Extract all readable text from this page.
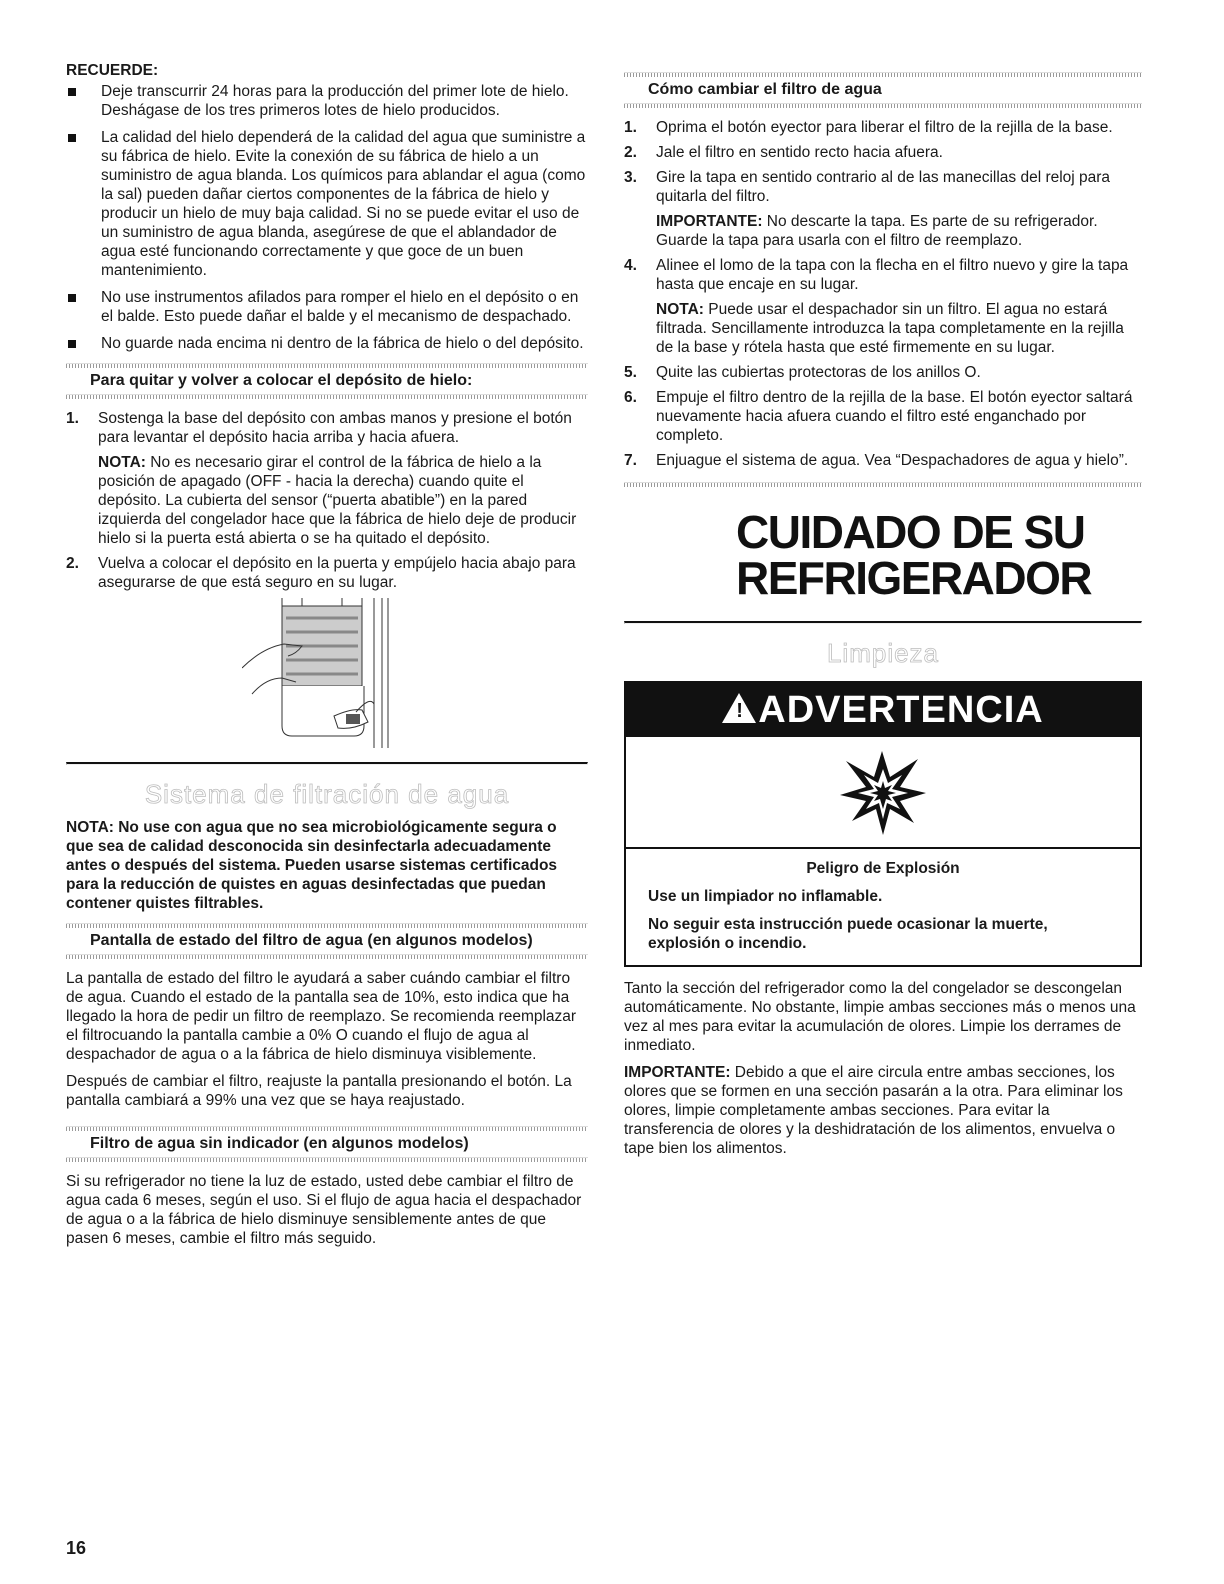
RECUERDE:
Deje transcurrir 24 horas para la producción del primer lote de hielo. Deshágase de los tres primeros lotes de hielo producidos.
La calidad del hielo dependerá de la calidad del agua que suministre a su fábrica de hielo. Evite la conexión de su fábrica de hielo a un suministro de agua blanda. Los químicos para ablandar el agua (como la sal) pueden dañar ciertos componentes de la fábrica de hielo y producir un hielo de muy baja calidad. Si no se puede evitar el uso de un suministro de agua blanda, asegúrese de que el ablandador de agua esté funcionando correctamente y que goce de un buen mantenimiento.
No use instrumentos afilados para romper el hielo en el depósito o en el balde. Esto puede dañar el balde y el mecanismo de despachado.
No guarde nada encima ni dentro de la fábrica de hielo o del depósito.
Para quitar y volver a colocar el depósito de hielo:
1. Sostenga la base del depósito con ambas manos y presione el botón para levantar el depósito hacia arriba y hacia afuera.
NOTA: No es necesario girar el control de la fábrica de hielo a la posición de apagado (OFF - hacia la derecha) cuando quite el depósito. La cubierta del sensor (“puerta abatible”) en la pared izquierda del congelador hace que la fábrica de hielo deje de producir hielo si la puerta está abierta o se ha quitado el depósito.
2. Vuelva a colocar el depósito en la puerta y empújelo hacia abajo para asegurarse de que está seguro en su lugar.
Sistema de filtración de agua

NOTA: No use con agua que no sea microbiológicamente segura o que sea de calidad desconocida sin desinfectarla adecuadamente antes o después del sistema. Pueden usarse sistemas certificados para la reducción de quistes en aguas desinfectadas que puedan contener quistes filtrables.

Pantalla de estado del filtro de agua (en algunos modelos)

La pantalla de estado del filtro le ayudará a saber cuándo cambiar el filtro de agua. Cuando el estado de la pantalla sea de 10%, esto indica que ha llegado la hora de pedir un filtro de reemplazo. Se recomienda reemplazar el filtrocuando la pantalla cambie a 0% O cuando el flujo de agua al despachador de agua o a la fábrica de hielo disminuya visiblemente.

Después de cambiar el filtro, reajuste la pantalla presionando el botón. La pantalla cambiará a 99% una vez que se haya reajustado.

Filtro de agua sin indicador (en algunos modelos)

Si su refrigerador no tiene la luz de estado, usted debe cambiar el filtro de agua cada 6 meses, según el uso. Si el flujo de agua hacia el despachador de agua o a la fábrica de hielo disminuye sensiblemente antes de que pasen 6 meses, cambie el filtro más seguido.

Cómo cambiar el filtro de agua
1. Oprima el botón eyector para liberar el filtro de la rejilla de la base.
2. Jale el filtro en sentido recto hacia afuera.
3. Gire la tapa en sentido contrario al de las manecillas del reloj para quitarla del filtro.
IMPORTANTE: No descarte la tapa. Es parte de su refrigerador. Guarde la tapa para usarla con el filtro de reemplazo.
4. Alinee el lomo de la tapa con la flecha en el filtro nuevo y gire la tapa hasta que encaje en su lugar.
NOTA: Puede usar el despachador sin un filtro. El agua no estará filtrada. Sencillamente introduzca la tapa completamente en la rejilla de la base y rótela hasta que esté firmemente en su lugar.
5. Quite las cubiertas protectoras de los anillos O.
6. Empuje el filtro dentro de la rejilla de la base. El botón eyector saltará nuevamente hacia afuera cuando el filtro esté enganchado por completo.
7. Enjuague el sistema de agua. Vea “Despachadores de agua y hielo”.
CUIDADO DE SU
REFRIGERADOR
Limpieza
! ADVERTENCIA

Peligro de Explosión

Use un limpiador no inflamable.

No seguir esta instrucción puede ocasionar la muerte, explosión o incendio.

Tanto la sección del refrigerador como la del congelador se descongelan automáticamente. No obstante, limpie ambas secciones más o menos una vez al mes para evitar la acumulación de olores. Limpie los derrames de inmediato.

IMPORTANTE: Debido a que el aire circula entre ambas secciones, los olores que se formen en una sección pasarán a la otra. Para eliminar los olores, limpie completamente ambas secciones. Para evitar la transferencia de olores y la deshidratación de los alimentos, envuelva o tape bien los alimentos.

16
